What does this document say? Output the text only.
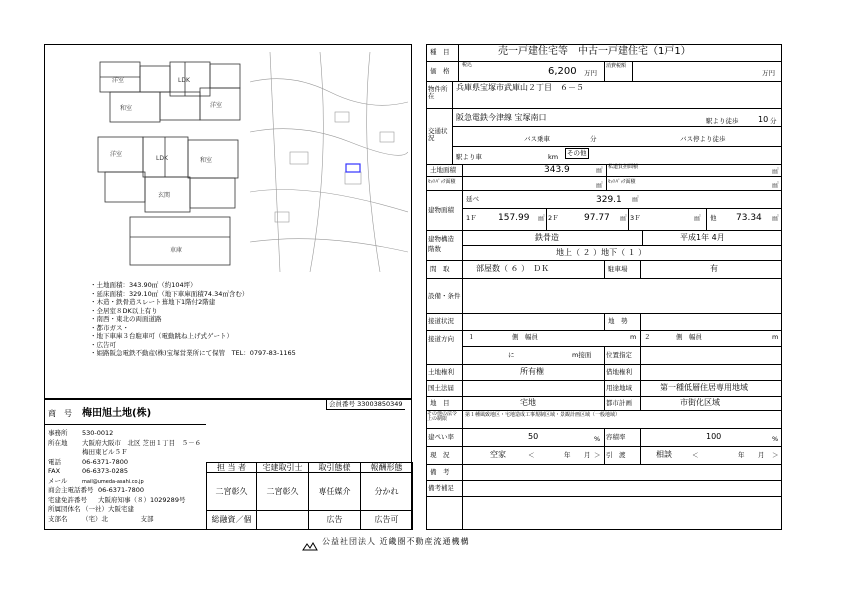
洋室	LDK
和室	洋室
LDK	和室
洋室
玄関
車庫
・土地面積：343.90㎡（約104坪）
・延床面積：329.10㎡（地下車庫面積74.34㎡含む）
・木造・鉄骨造スレート葺地下1階付2階建
・全居室８DK以上有り
・南西・東北の両面道路
・都市ガス・
・地下車庫３台駐車可（電動跳ね上げ式ゲート）
・広告可
・姫路阪急電鉄不動産(株)宝塚営業所にて保管　TEL：0797-83-1165
会員番号 33003850349
商　号 梅田旭土地(株)
事務所 530-0012
所在地 大阪府大阪市　北区 芝田１丁目　５－６
梅田東ビル５Ｆ
電話	06-6371-7800
FAX	06-6373-0285
メール	mail@umeda-asahi.co.jp
商会主電話番号 06-6371-7800
宅建免許番号 大阪府知事（８）1029289号
所属団体名 （一社）大阪宅建
支部名 （宅）北　　　　　支部
担 当 者	宅建取引士	取引態様	報酬形態
二宮彰久	二宮彰久	専任媒介	分かれ
総融資／個		広告	広告可
種　目	売一戸建住宅等　中古一戸建住宅（1戸1）
価　格
税込
6,200 万円
消費税額
万円
物件所在
兵庫県宝塚市武庫山２丁目　６－５
交通状況
阪急電鉄今津線 宝塚南口	駅より徒歩 10 分
バス乗車	分	バス停より徒歩
その他
駅より車	km
土地面積	343.9	㎡ 私道負担面積	㎡
ｾｯﾄﾊﾞｯｸ面積	㎡ ｾｯﾄﾊﾞｯｸ面積	㎡
建物面積
延べ	329.1 ㎡
1Ｆ 157.99 ㎡ 2Ｆ	97.77 ㎡ 3Ｆ	㎡ 他 73.34 ㎡
建物構造
階数
鉄骨造	平成1年 4月
地上（ ２ ）地下（ １ ）
間　取	部屋数（ ６ ）　ＤＫ	駐車場	有
設備・条件
接道状況	地　勢
接道方向	１	側　幅員	m ２	側　幅員	m
に	m接面 位置指定
土地権利	所有権	借地権利
国土法届	用途地域	第一種低層住居専用地域
地　目	宅地	都市計画	市街化区域
その他の法令上の制限
第１種風致地区・宅地造成工事規制区域・景観計画区域（一般地域）
建ぺい率	50	% 容積率	100	%
現　況	空家	＜	年 月 ＞ 引　渡	相談	＜	年 月 ＞
備　考
備考補足
公益社団法人 近畿圏不動産流通機構
